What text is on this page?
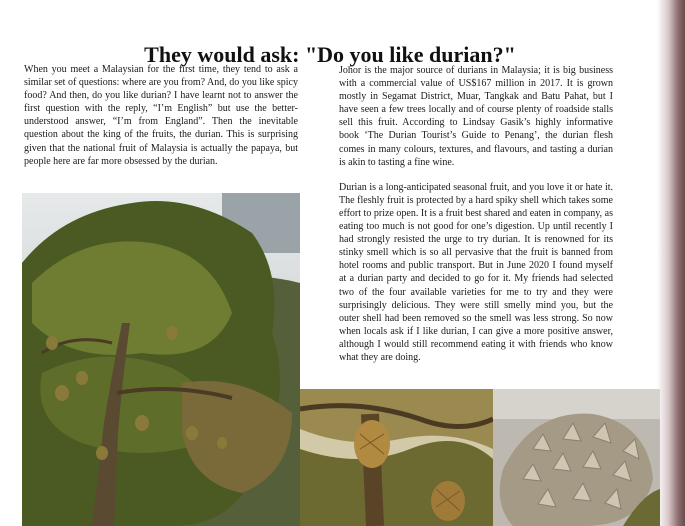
They would ask: "Do you like durian?"

When you meet a Malaysian for the first time, they tend to ask a similar set of questions: where are you from? And, do you like spicy food? And then, do you like durian? I have learnt not to answer the first question with the reply, “I’m English” but use the better-understood answer, “I’m from England”. Then the inevitable question about the king of the fruits, the durian. This is surprising given that the national fruit of Malaysia is actually the papaya, but people here are far more obsessed by the durian.

Johor is the major source of durians in Malaysia; it is big business with a commercial value of US$167 million in 2017. It is grown mostly in Segamat District, Muar, Tangkak and Batu Pahat, but I have seen a few trees locally and of course plenty of roadside stalls sell this fruit. According to Lindsay Gasik’s highly informative book ‘The Durian Tourist’s Guide to Penang’, the durian flesh comes in many colours, textures, and flavours, and tasting a durian is akin to tasting a fine wine.

Durian is a long-anticipated seasonal fruit, and you love it or hate it. The fleshly fruit is protected by a hard spiky shell which takes some effort to prize open. It is a fruit best shared and eaten in company, as eating too much is not good for one’s digestion. Up until recently I had strongly resisted the urge to try durian. It is renowned for its stinky smell which is so all pervasive that the fruit is banned from hotel rooms and public transport. But in June 2020 I found myself at a durian party and decided to go for it. My friends had selected two of the four available varieties for me to try and they were surprisingly delicious. They were still smelly mind you, but the outer shell had been removed so the smell was less strong. So now when locals ask if I like durian, I can give a more positive answer, although I would still recommend eating it with friends who know what they are doing.
